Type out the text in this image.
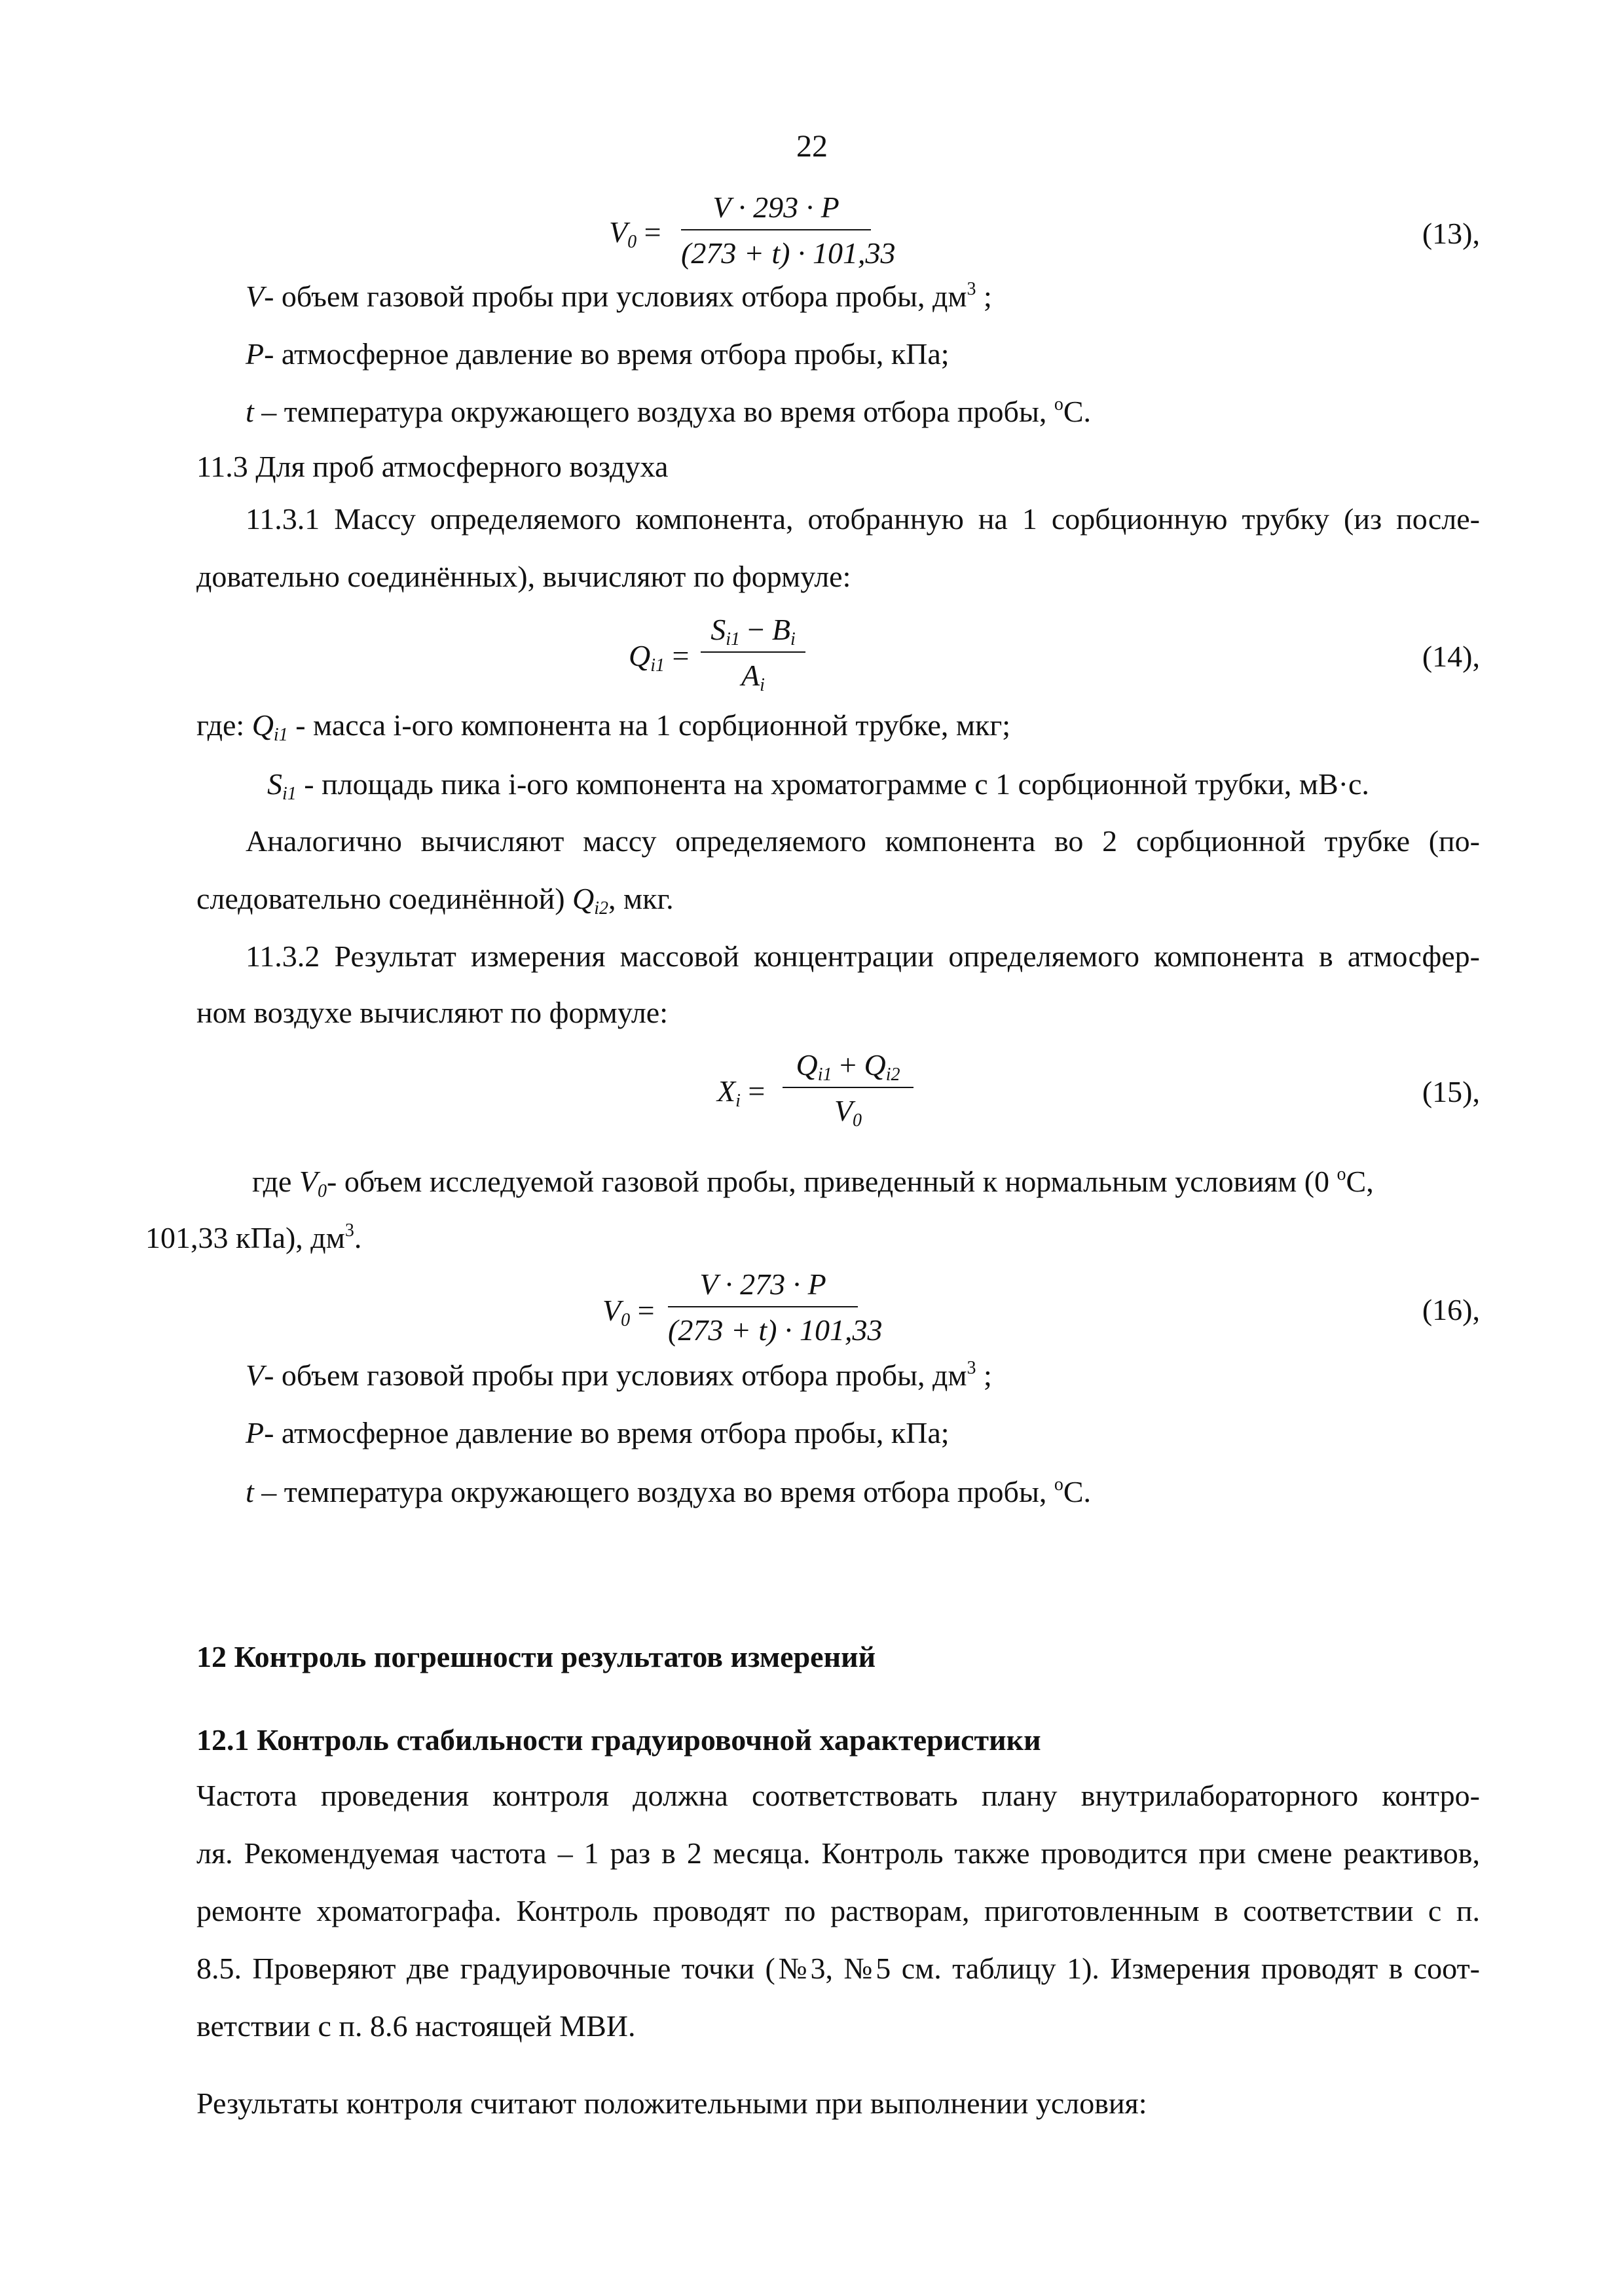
22
$V_0$ =
V · 293 · P
(273 + t) · 101,33
(13),
V- объем газовой пробы при условиях отбора пробы, $дм^3$ ;
P- атмосферное давление во время отбора пробы, кПа;
t – температура окружающего воздуха во время отбора пробы, $^о$С.
11.3 Для проб атмосферного воздуха
11.3.1 Массу определяемого компонента, отобранную на 1 сорбционную трубку (из после-
довательно соединённых), вычисляют по формуле:
$Q_{i1}$ =
$S_{i1} - B_i$
$A_i$
(14),
где: $Q_{i1}$ - масса i-ого компонента на 1 сорбционной трубке, мкг;
$S_{i1}$ - площадь пика i-ого компонента на хроматограмме с 1 сорбционной трубки, мВ·с.
Аналогично вычисляют массу определяемого компонента во 2 сорбционной трубке (по-
следовательно соединённой) $Q_{i2}$, мкг.
11.3.2 Результат измерения массовой концентрации определяемого компонента в атмосфер-
ном воздухе вычисляют по формуле:
$X_i$ =
$Q_{i1} + Q_{i2}$
$V_0$
(15),
где $V_0-$ объем исследуемой газовой пробы, приведенный к нормальным условиям (0 $^о$С,
101,33 кПа), $дм^3$.
$V_0$ =
V · 273 · P
(273 + t) · 101,33
(16),
V- объем газовой пробы при условиях отбора пробы, $дм^3$ ;
P- атмосферное давление во время отбора пробы, кПа;
t – температура окружающего воздуха во время отбора пробы, $^о$С.
12 Контроль погрешности результатов измерений
12.1 Контроль стабильности градуировочной характеристики
Частота проведения контроля должна соответствовать плану внутрилабораторного контро-
ля. Рекомендуемая частота – 1 раз в 2 месяца. Контроль также проводится при смене реактивов,
ремонте хроматографа. Контроль проводят по растворам, приготовленным в соответствии с п.
8.5. Проверяют две градуировочные точки (№3, №5 см. таблицу 1). Измерения проводят в соот-
ветствии с п. 8.6 настоящей МВИ.
Результаты контроля считают положительными при выполнении условия:
